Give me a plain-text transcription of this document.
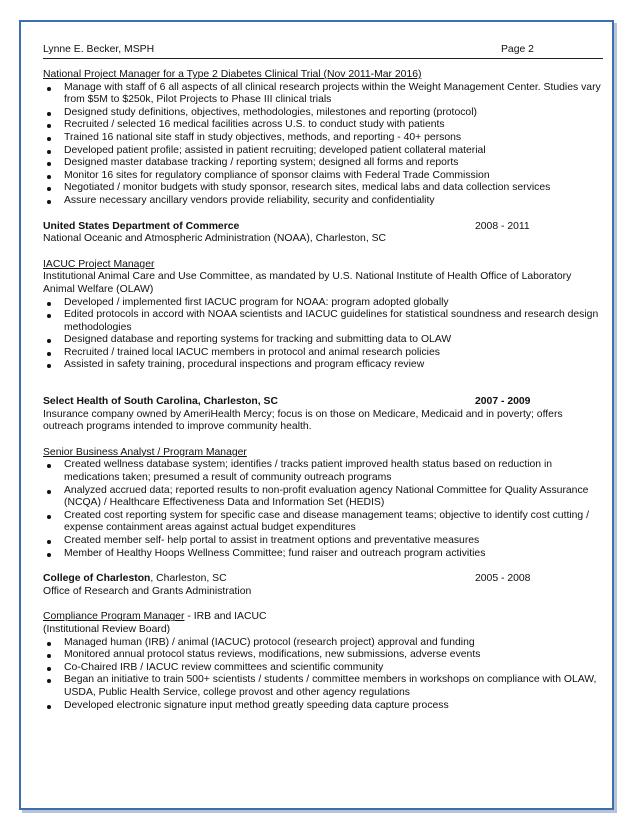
Lynne E. Becker, MSPH	Page 2
National Project Manager for a Type 2 Diabetes Clinical Trial (Nov 2011-Mar 2016)
Manage with staff of 6 all aspects of all clinical research projects within the Weight Management Center. Studies vary from $5M to $250k, Pilot Projects to Phase III clinical trials
Designed study definitions, objectives, methodologies, milestones and reporting (protocol)
Recruited / selected 16 medical facilities across U.S. to conduct study with patients
Trained 16 national site staff in study objectives, methods, and reporting - 40+ persons
Developed patient profile; assisted in patient recruiting; developed patient collateral material
Designed master database tracking / reporting system; designed all forms and reports
Monitor 16 sites for regulatory compliance of sponsor claims with Federal Trade Commission
Negotiated / monitor budgets with study sponsor, research sites, medical labs and data collection services
Assure necessary ancillary vendors provide reliability, security and confidentiality
United States Department of Commerce	2008 - 2011
National Oceanic and Atmospheric Administration (NOAA), Charleston, SC
IACUC Project Manager
Institutional Animal Care and Use Committee, as mandated by U.S. National Institute of Health Office of Laboratory Animal Welfare (OLAW)
Developed / implemented first IACUC program for NOAA: program adopted globally
Edited protocols in accord with NOAA scientists and IACUC guidelines for statistical soundness and research design methodologies
Designed database and reporting systems for tracking and submitting data to OLAW
Recruited / trained local IACUC members in protocol and animal research policies
Assisted in safety training, procedural inspections and program efficacy review
Select Health of South Carolina, Charleston, SC	2007 - 2009
Insurance company owned by AmeriHealth Mercy; focus is on those on Medicare, Medicaid and in poverty; offers outreach programs intended to improve community health.
Senior Business Analyst / Program Manager
Created wellness database system; identifies / tracks patient improved health status based on reduction in medications taken; presumed a result of community outreach programs
Analyzed accrued data; reported results to non-profit evaluation agency National Committee for Quality Assurance (NCQA) / Healthcare Effectiveness Data and Information Set (HEDIS)
Created cost reporting system for specific case and disease management teams; objective to identify cost cutting / expense containment areas against actual budget expenditures
Created member self- help portal to assist in treatment options and preventative measures
Member of Healthy Hoops Wellness Committee; fund raiser and outreach program activities
College of Charleston, Charleston, SC	2005 - 2008
Office of Research and Grants Administration
Compliance Program Manager - IRB and IACUC
(Institutional Review Board)
Managed human (IRB) / animal (IACUC) protocol (research project) approval and funding
Monitored annual protocol status reviews, modifications, new submissions, adverse events
Co-Chaired IRB / IACUC review committees and scientific community
Began an initiative to train 500+ scientists / students / committee members in workshops on compliance with OLAW, USDA, Public Health Service, college provost and other agency regulations
Developed electronic signature input method greatly speeding data capture process
